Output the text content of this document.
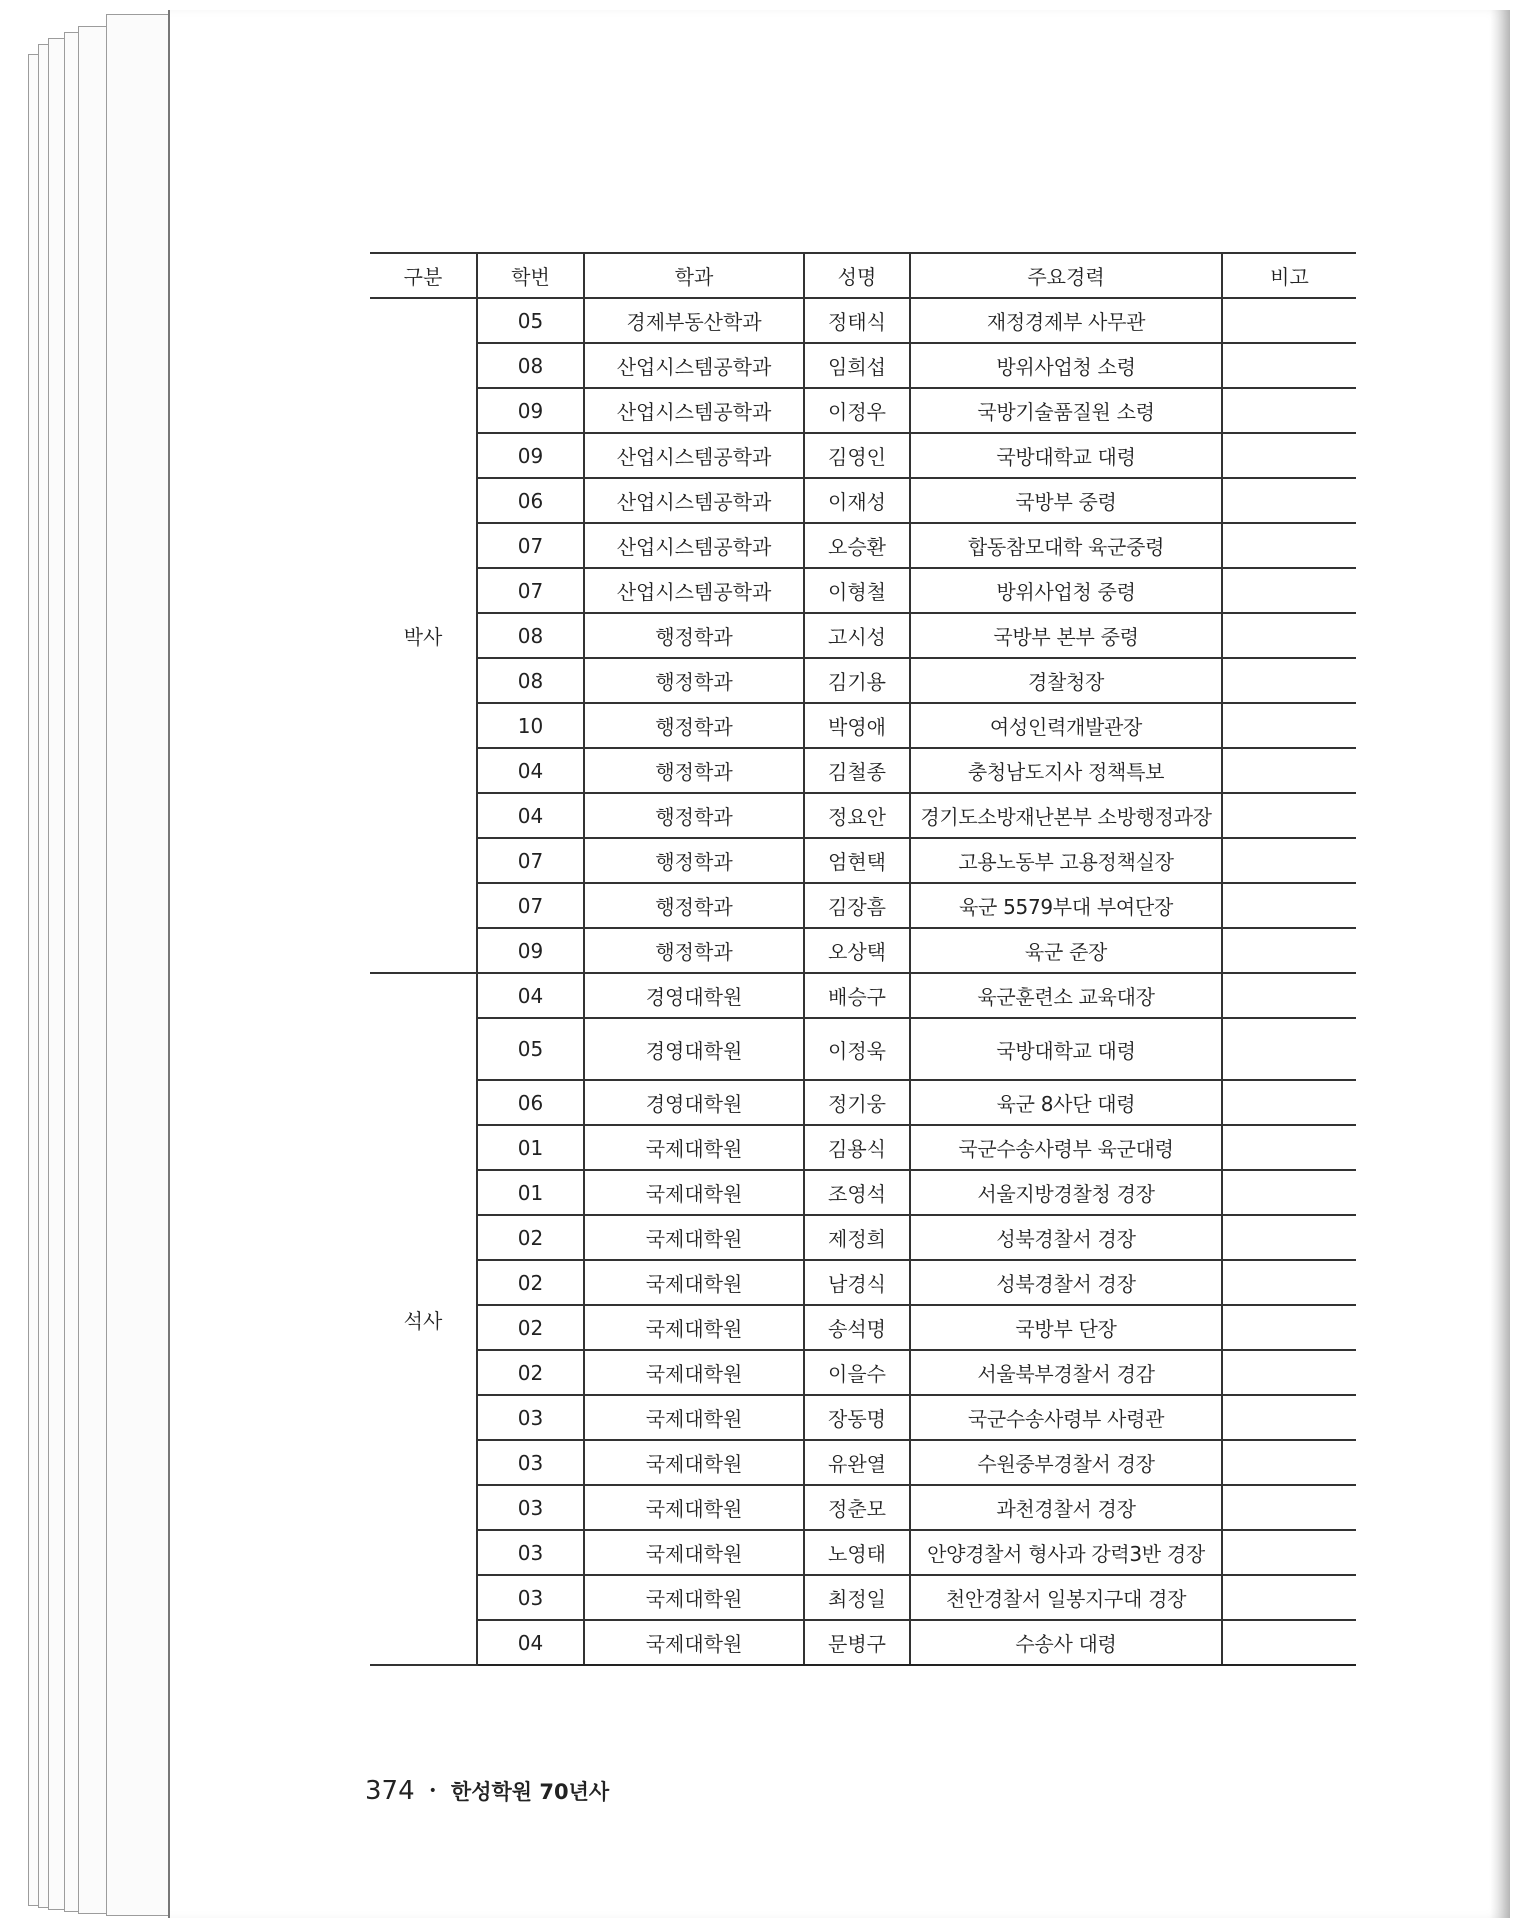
구분	학번	학과	성명	주요경력	비고
박사	05	경제부동산학과	정태식	재정경제부 사무관	
	08	산업시스템공학과	임희섭	방위사업청 소령	
	09	산업시스템공학과	이정우	국방기술품질원 소령	
	09	산업시스템공학과	김영인	국방대학교 대령	
	06	산업시스템공학과	이재성	국방부 중령	
	07	산업시스템공학과	오승환	합동참모대학 육군중령	
	07	산업시스템공학과	이형철	방위사업청 중령	
	08	행정학과	고시성	국방부 본부 중령	
	08	행정학과	김기용	경찰청장	
	10	행정학과	박영애	여성인력개발관장	
	04	행정학과	김철종	충청남도지사 정책특보	
	04	행정학과	정요안	경기도소방재난본부 소방행정과장	
	07	행정학과	엄현택	고용노동부 고용정책실장	
	07	행정학과	김장흠	육군 5579부대 부여단장	
	09	행정학과	오상택	육군 준장	
석사	04	경영대학원	배승구	육군훈련소 교육대장	
	05	경영대학원	이정욱	국방대학교 대령	
	06	경영대학원	정기웅	육군 8사단 대령	
	01	국제대학원	김용식	국군수송사령부 육군대령	
	01	국제대학원	조영석	서울지방경찰청 경장	
	02	국제대학원	제정희	성북경찰서 경장	
	02	국제대학원	남경식	성북경찰서 경장	
	02	국제대학원	송석명	국방부 단장	
	02	국제대학원	이을수	서울북부경찰서 경감	
	03	국제대학원	장동명	국군수송사령부 사령관	
	03	국제대학원	유완열	수원중부경찰서 경장	
	03	국제대학원	정춘모	과천경찰서 경장	
	03	국제대학원	노영태	안양경찰서 형사과 강력3반 경장	
	03	국제대학원	최정일	천안경찰서 일봉지구대 경장	
	04	국제대학원	문병구	수송사 대령	
374 • 한성학원 70년사
